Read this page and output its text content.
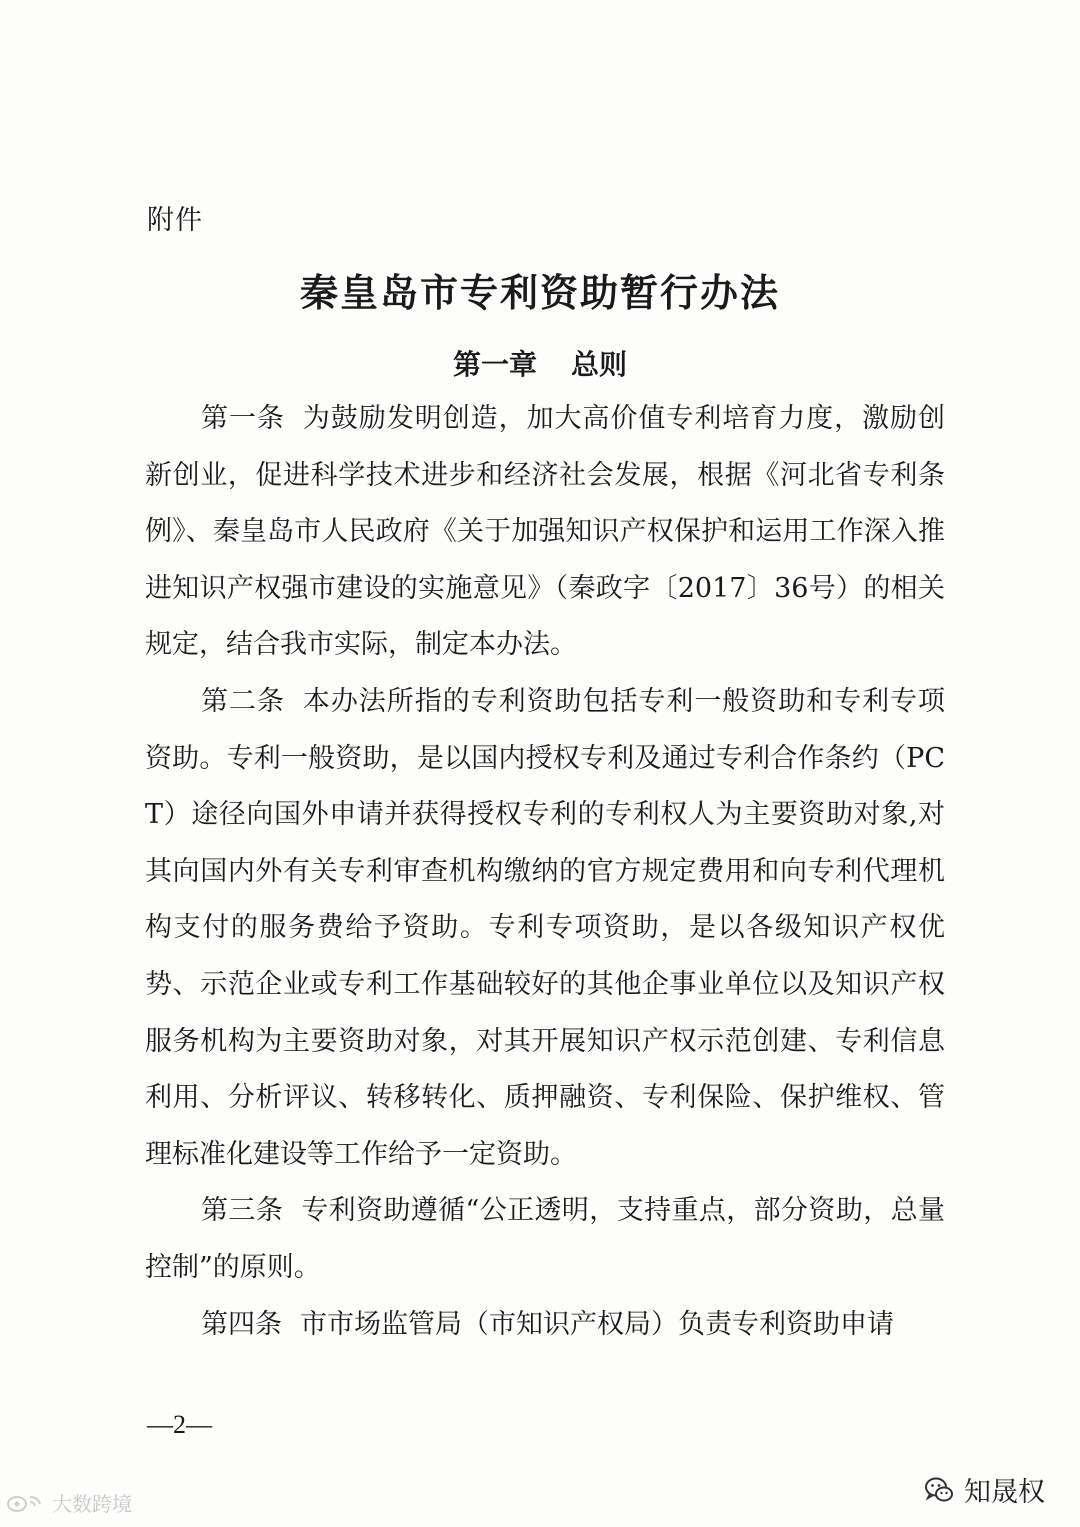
附件
秦皇岛市专利资助暂行办法
第一章 总则

第一条 为鼓励发明创造，加大高价值专利培育力度，激励创新创业，促进科学技术进步和经济社会发展，根据《河北省专利条例》、秦皇岛市人民政府《关于加强知识产权保护和运用工作深入推进知识产权强市建设的实施意见》（秦政字〔2017〕36号）的相关规定，结合我市实际，制定本办法。

第二条 本办法所指的专利资助包括专利一般资助和专利专项资助。专利一般资助，是以国内授权专利及通过专利合作条约（PCT）途径向国外申请并获得授权专利的专利权人为主要资助对象,对其向国内外有关专利审查机构缴纳的官方规定费用和向专利代理机构支付的服务费给予资助。专利专项资助，是以各级知识产权优势、示范企业或专利工作基础较好的其他企事业单位以及知识产权服务机构为主要资助对象，对其开展知识产权示范创建、专利信息利用、分析评议、转移转化、质押融资、专利保险、保护维权、管理标准化建设等工作给予一定资助。

第三条 专利资助遵循“公正透明，支持重点，部分资助，总量控制”的原则。

第四条 市市场监管局（市知识产权局）负责专利资助申请

—2—
大数跨境	知晟权
